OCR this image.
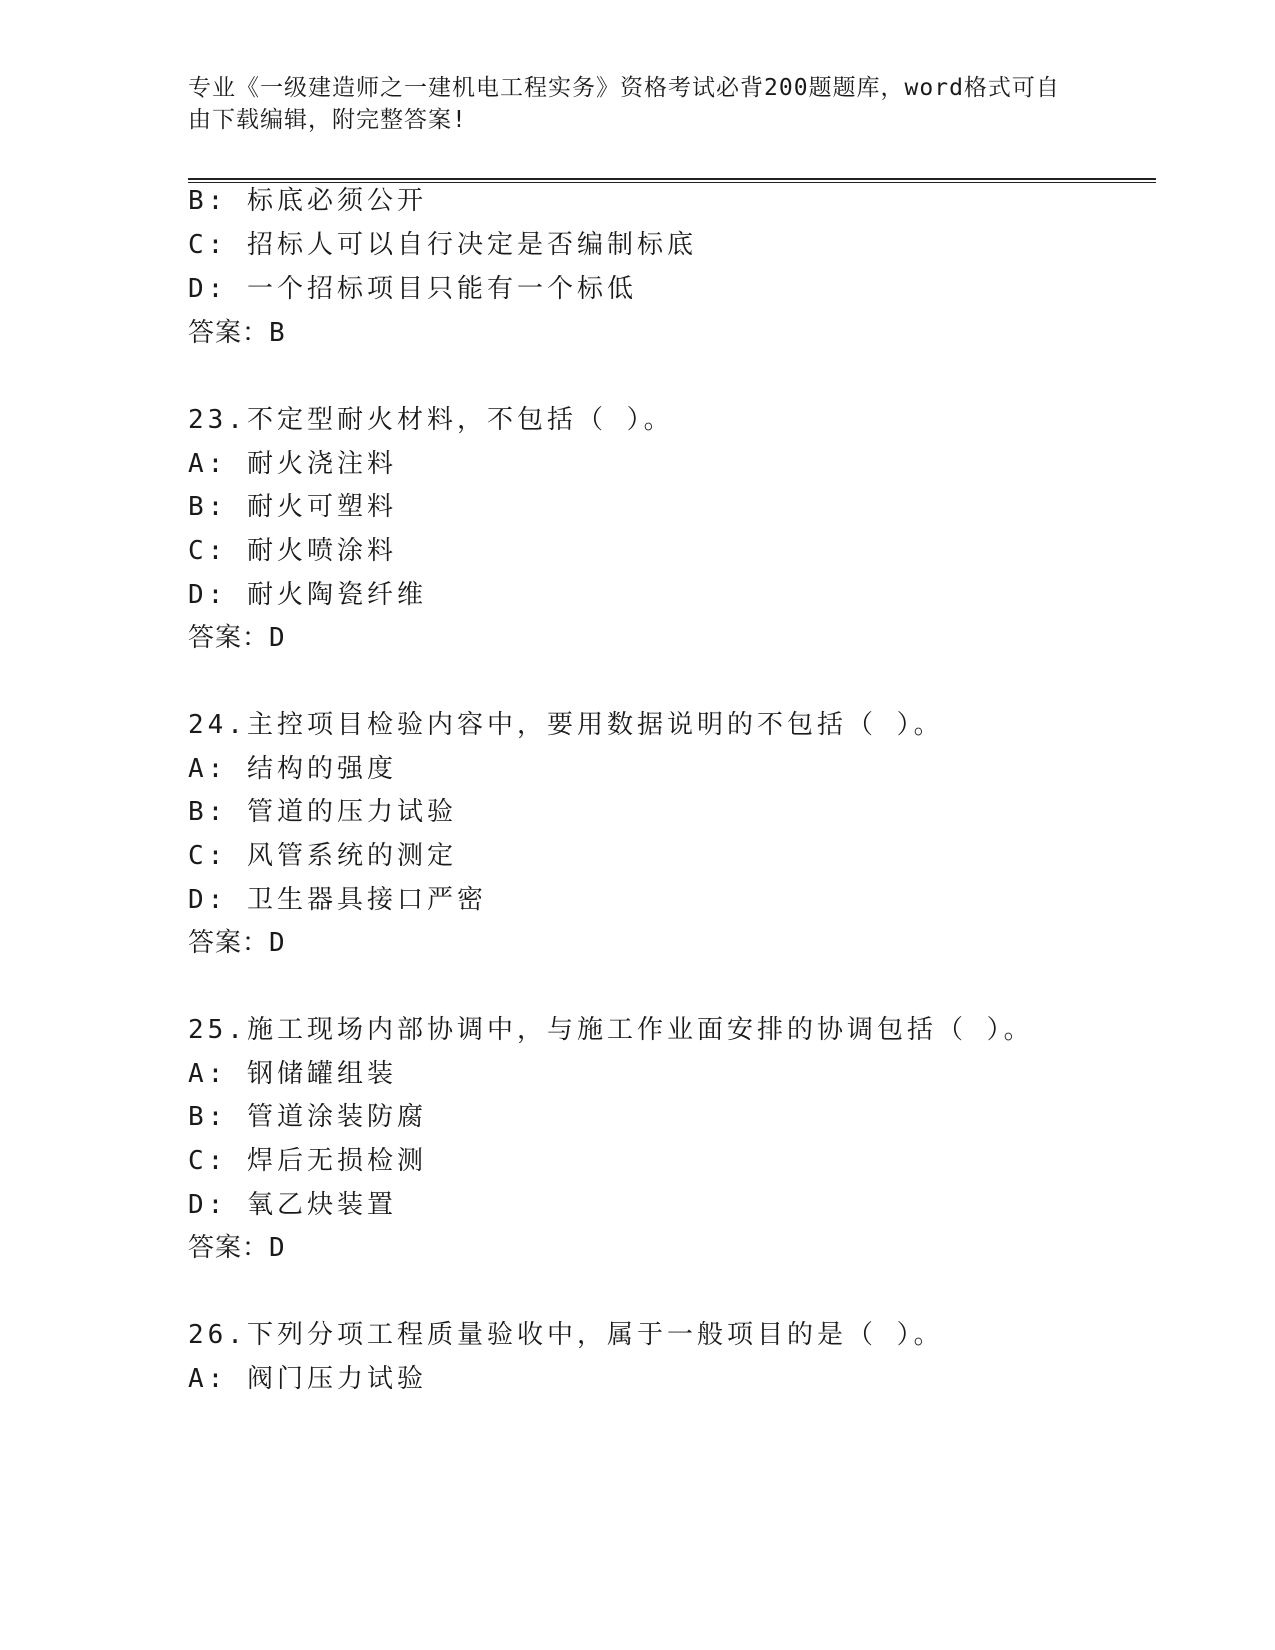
专业《一级建造师之一建机电工程实务》资格考试必背200题题库，word格式可自由下载编辑，附完整答案!
B: 标底必须公开
C: 招标人可以自行决定是否编制标底
D: 一个招标项目只能有一个标低
答案：B
23.不定型耐火材料，不包括（ ）。
A: 耐火浇注料
B: 耐火可塑料
C: 耐火喷涂料
D: 耐火陶瓷纤维
答案：D
24.主控项目检验内容中，要用数据说明的不包括（ ）。
A: 结构的强度
B: 管道的压力试验
C: 风管系统的测定
D: 卫生器具接口严密
答案：D
25.施工现场内部协调中，与施工作业面安排的协调包括（ ）。
A: 钢储罐组装
B: 管道涂装防腐
C: 焊后无损检测
D: 氧乙炔装置
答案：D
26.下列分项工程质量验收中，属于一般项目的是（ ）。
A: 阀门压力试验
